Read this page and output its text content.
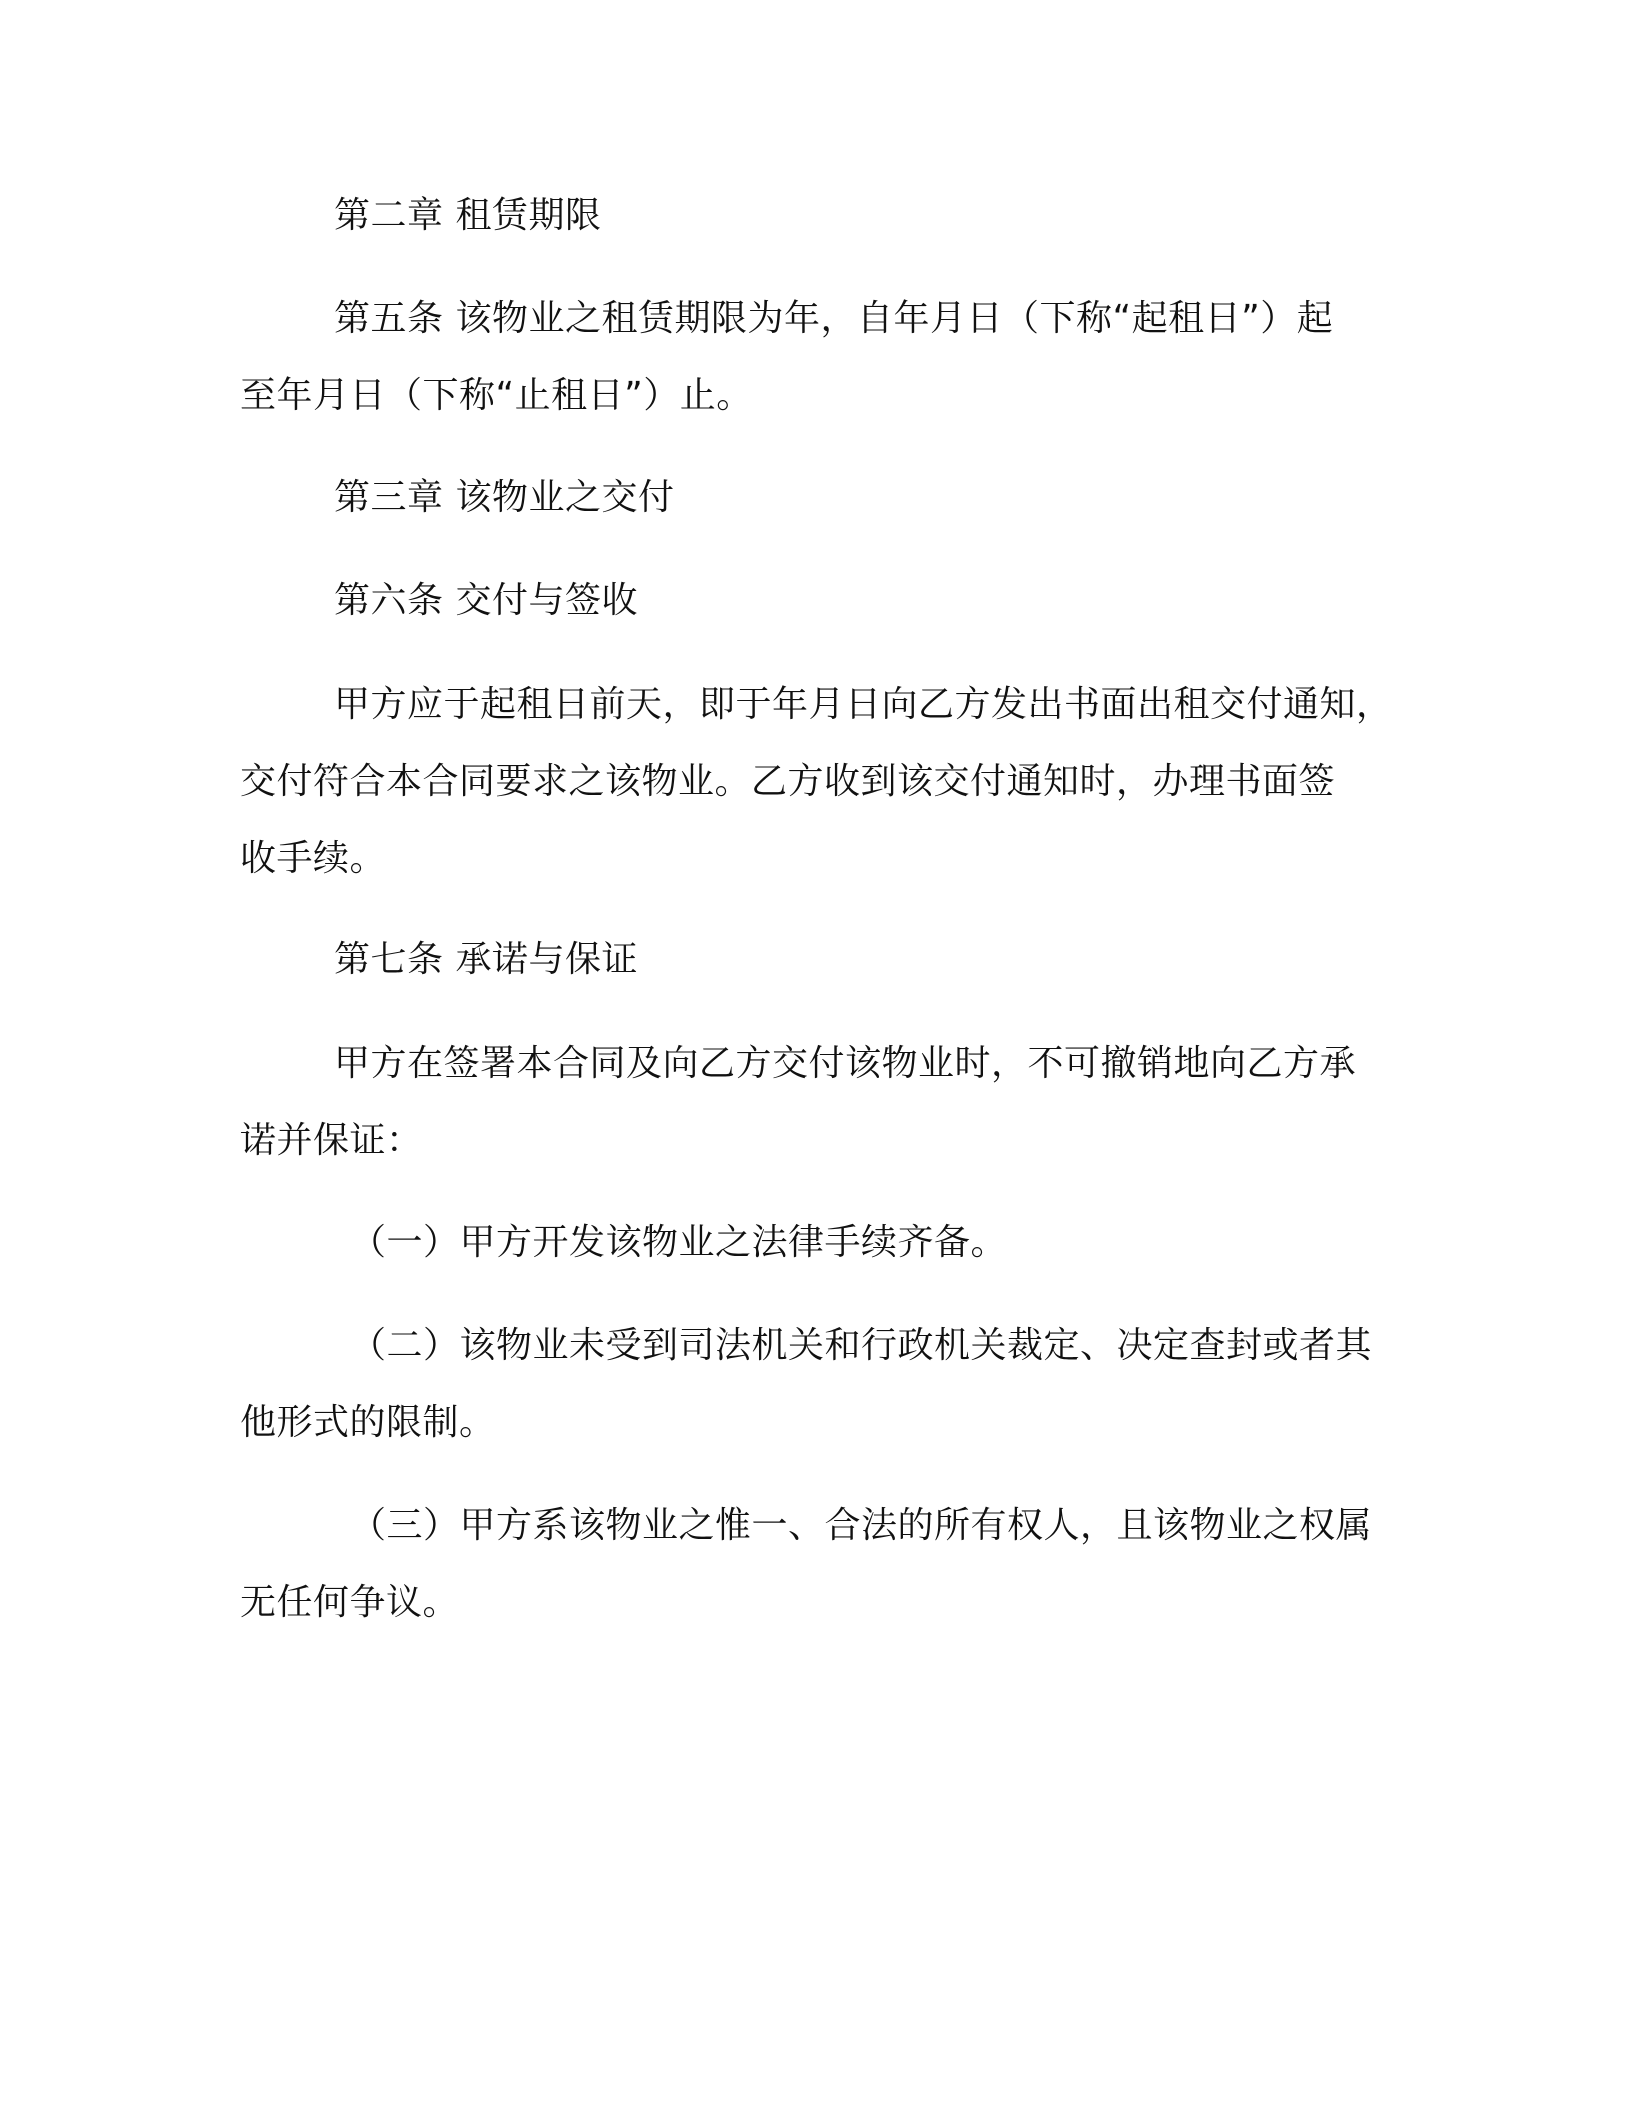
第二章 租赁期限

第五条 该物业之租赁期限为年，自年月日（下称“起租日”）起

至年月日（下称“止租日”）止。

第三章 该物业之交付

第六条 交付与签收

甲方应于起租日前天，即于年月日向乙方发出书面出租交付通知，

交付符合本合同要求之该物业。乙方收到该交付通知时，办理书面签

收手续。

第七条 承诺与保证

甲方在签署本合同及向乙方交付该物业时，不可撤销地向乙方承

诺并保证：

（一）甲方开发该物业之法律手续齐备。

（二）该物业未受到司法机关和行政机关裁定、决定查封或者其

他形式的限制。

（三）甲方系该物业之惟一、合法的所有权人，且该物业之权属

无任何争议。
